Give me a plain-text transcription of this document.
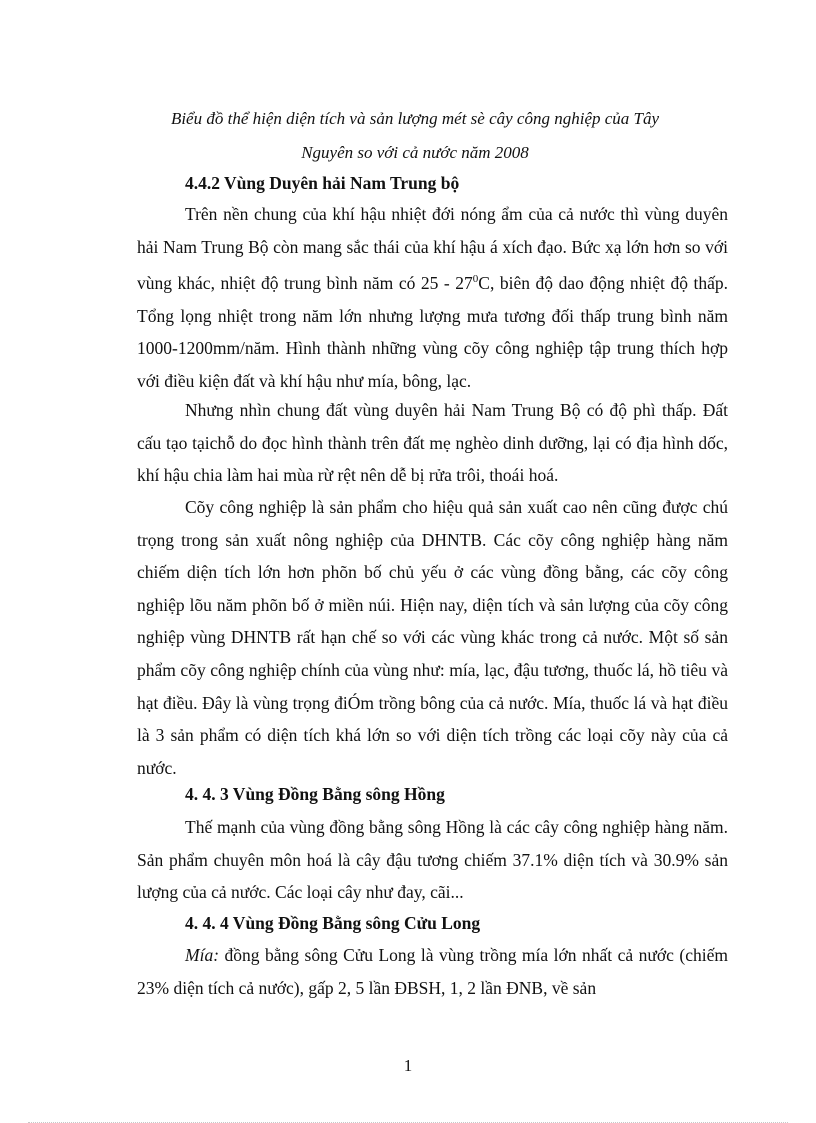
Biểu đồ thể hiện diện tích và sản lượng mét sè cây công nghiệp của Tây
Nguyên so với cả nước năm 2008
4.4.2 Vùng Duyên hải Nam Trung bộ

Trên nền chung của khí hậu nhiệt đới nóng ẩm của cả nước thì vùng duyên hải Nam Trung Bộ còn mang sắc thái của khí hậu á xích đạo. Bức xạ lớn hơn so với vùng khác, nhiệt độ trung bình năm có $25 - 27^0C$, biên độ dao động nhiệt độ thấp. Tổng lọng nhiệt trong năm lớn nhưng lượng mưa tương đối thấp trung bình năm 1000-1200mm/năm. Hình thành những vùng cõy công nghiệp tập trung thích hợp với điều kiện đất và khí hậu như mía, bông, lạc.

Nhưng nhìn chung đất vùng duyên hải Nam Trung Bộ có độ phì thấp. Đất cấu tạo tạichỗ do đọc hình thành trên đất mẹ nghèo dinh dưỡng, lại có địa hình dốc, khí hậu chia làm hai mùa rừ rệt nên dễ bị rửa trôi, thoái hoá.

Cõy công nghiệp là sản phẩm cho hiệu quả sản xuất cao nên cũng được chú trọng trong sản xuất nông nghiệp của DHNTB. Các cõy công nghiệp hàng năm chiếm diện tích lớn hơn phõn bố chủ yếu ở các vùng đồng bằng, các cõy công nghiệp lõu năm phõn bố ở miền núi. Hiện nay, diện tích và sản lượng của cõy công nghiệp vùng DHNTB rất hạn chế so với các vùng khác trong cả nước. Một số sản phẩm cõy công nghiệp chính của vùng như: mía, lạc, đậu tương, thuốc lá, hồ tiêu và hạt điều. Đây là vùng trọng điÓm trồng bông của cả nước. Mía, thuốc lá và hạt điều là 3 sản phẩm có diện tích khá lớn so với diện tích trồng các loại cõy này của cả nước.

4. 4. 3 Vùng Đồng Bằng sông Hồng

Thế mạnh của vùng đồng bằng sông Hồng là các cây công nghiệp hàng năm. Sản phẩm chuyên môn hoá là cây đậu tương chiếm 37.1% diện tích và 30.9% sản lượng của cả nước. Các loại cây như đay, cãi...

4. 4. 4 Vùng Đồng Bằng sông Cửu Long

Mía: đồng bằng sông Cửu Long là vùng trồng mía lớn nhất cả nước (chiếm 23% diện tích cả nước), gấp 2, 5 lần ĐBSH, 1, 2 lần ĐNB, về sản

1
